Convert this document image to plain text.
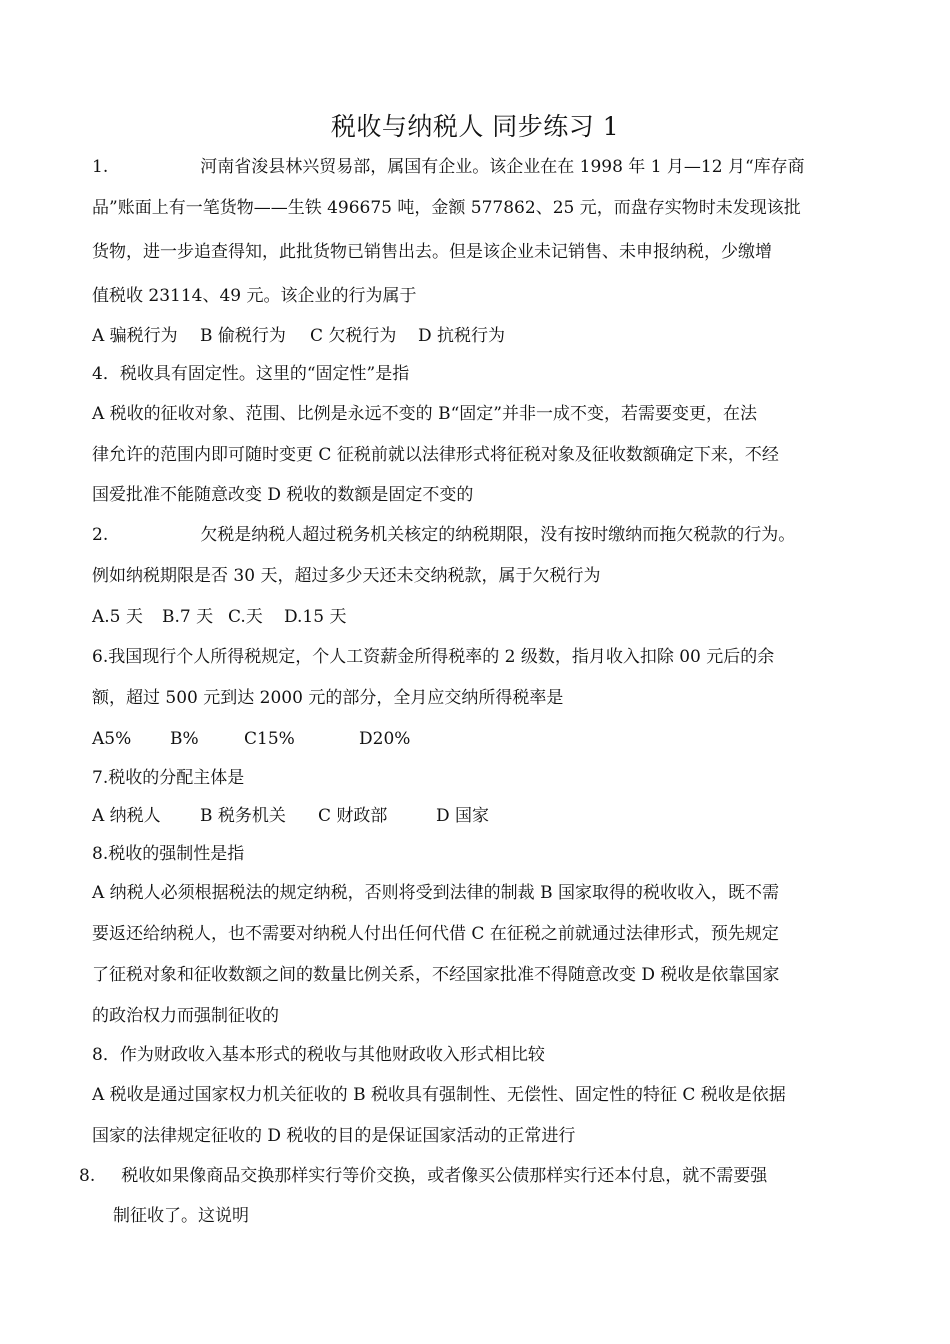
税收与纳税人 同步练习 1
1.	河南省浚县林兴贸易部，属国有企业。该企业在在 1998 年 1 月—12 月“库存商
品”账面上有一笔货物——生铁 496675 吨，金额 577862、25 元，而盘存实物时未发现该批
货物，进一步追查得知，此批货物已销售出去。但是该企业未记销售、未申报纳税，少缴增
值税收 23114、49 元。该企业的行为属于
A 骗税行为 B 偷税行为 C 欠税行为 D 抗税行为
4．税收具有固定性。这里的“固定性”是指
A 税收的征收对象、范围、比例是永远不变的 B“固定”并非一成不变，若需要变更，在法
律允许的范围内即可随时变更 C 征税前就以法律形式将征税对象及征收数额确定下来，不经
国爱批准不能随意改变 D 税收的数额是固定不变的
2.	欠税是纳税人超过税务机关核定的纳税期限，没有按时缴纳而拖欠税款的行为。
例如纳税期限是否 30 天，超过多少天还未交纳税款，属于欠税行为
A.5 天 B.7 天 C.天 D.15 天
6.我国现行个人所得税规定，个人工资薪金所得税率的 2 级数，指月收入扣除 00 元后的余
额，超过 500 元到达 2000 元的部分，全月应交纳所得税率是
A5% B%	C15%	D20%
7.税收的分配主体是
A 纳税人 B 税务机关 C 财政部	D 国家
8.税收的强制性是指
A 纳税人必须根据税法的规定纳税，否则将受到法律的制裁 B 国家取得的税收收入，既不需
要返还给纳税人，也不需要对纳税人付出任何代借 C 在征税之前就通过法律形式，预先规定
了征税对象和征收数额之间的数量比例关系，不经国家批准不得随意改变 D 税收是依靠国家
的政治权力而强制征收的
8．作为财政收入基本形式的税收与其他财政收入形式相比较
A 税收是通过国家权力机关征收的 B 税收具有强制性、无偿性、固定性的特征 C 税收是依据
国家的法律规定征收的 D 税收的目的是保证国家活动的正常进行
8. 税收如果像商品交换那样实行等价交换，或者像买公债那样实行还本付息，就不需要强
制征收了。这说明
